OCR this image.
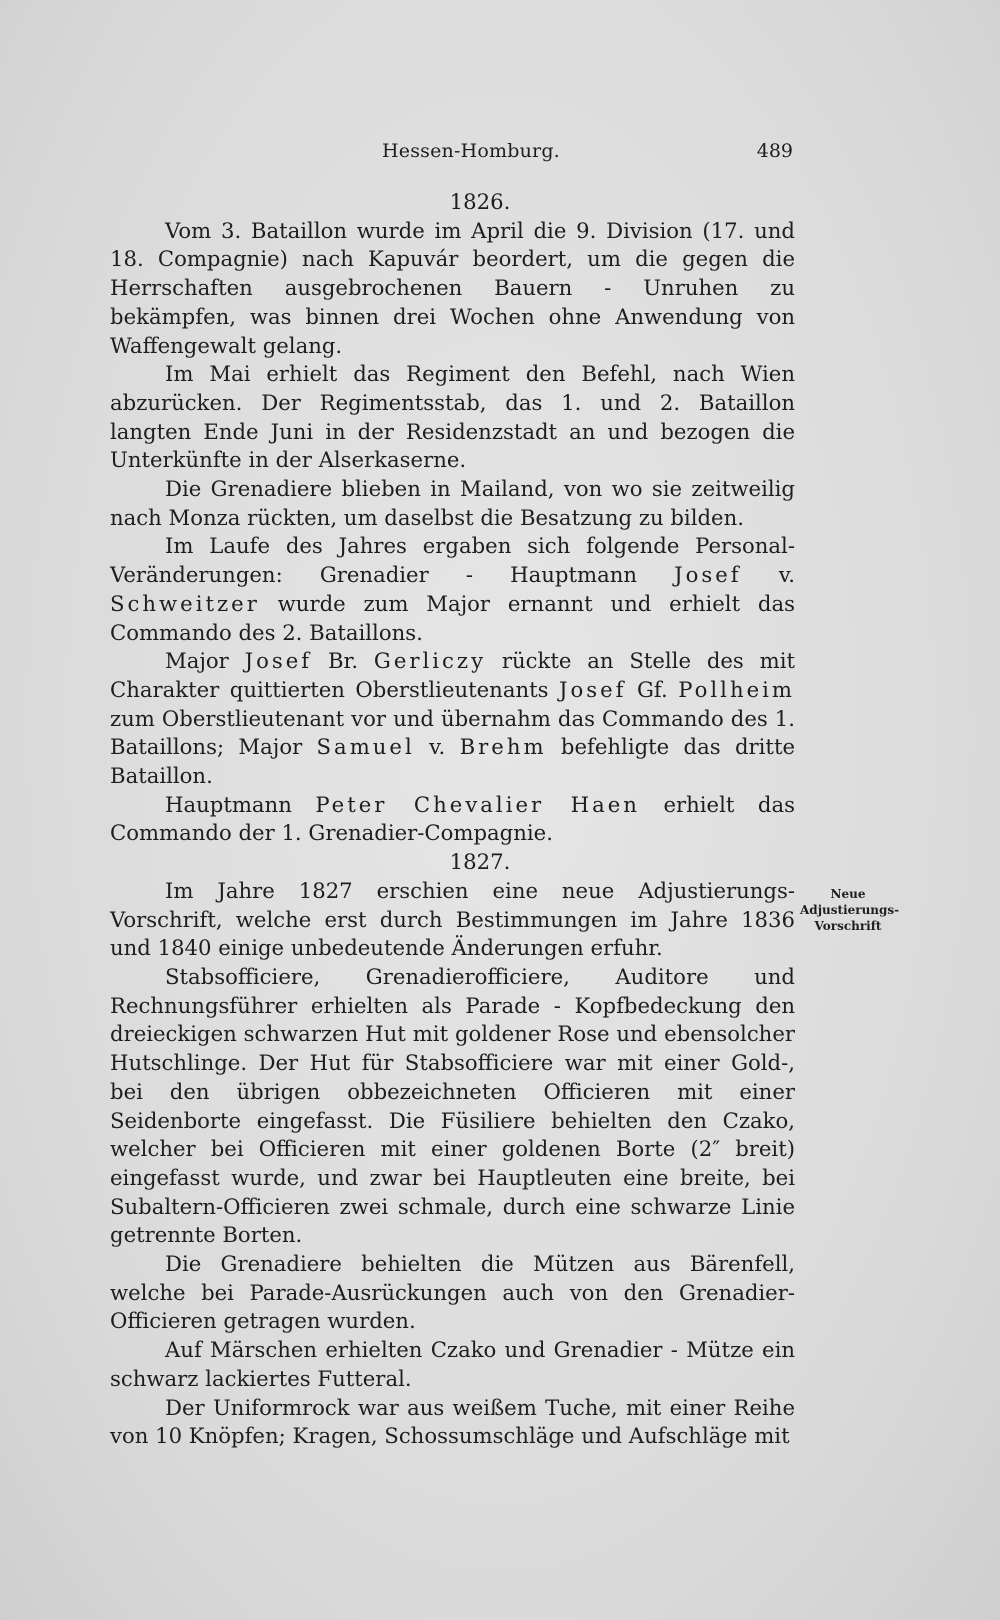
Hessen-Homburg.	489

1826.

Vom 3. Bataillon wurde im April die 9. Division (17. und 18. Compagnie) nach Kapuvár beordert, um die gegen die Herrschaften ausgebrochenen Bauern - Unruhen zu bekämpfen, was binnen drei Wochen ohne Anwendung von Waffengewalt gelang.

Im Mai erhielt das Regiment den Befehl, nach Wien abzurücken. Der Regimentsstab, das 1. und 2. Bataillon langten Ende Juni in der Residenzstadt an und bezogen die Unterkünfte in der Alserkaserne.

Die Grenadiere blieben in Mailand, von wo sie zeitweilig nach Monza rückten, um daselbst die Besatzung zu bilden.

Im Laufe des Jahres ergaben sich folgende Personal-Veränderungen: Grenadier - Hauptmann Josef v. Schweitzer wurde zum Major ernannt und erhielt das Commando des 2. Bataillons.

Major Josef Br. Gerliczy rückte an Stelle des mit Charakter quittierten Oberstlieutenants Josef Gf. Pollheim zum Oberstlieutenant vor und übernahm das Commando des 1. Bataillons; Major Samuel v. Brehm befehligte das dritte Bataillon.

Hauptmann Peter Chevalier Haen erhielt das Commando der 1. Grenadier-Compagnie.

1827.

Im Jahre 1827 erschien eine neue Adjustierungs-Vorschrift, welche erst durch Bestimmungen im Jahre 1836 und 1840 einige unbedeutende Änderungen erfuhr.

Stabsofficiere, Grenadierofficiere, Auditore und Rechnungsführer erhielten als Parade - Kopfbedeckung den dreieckigen schwarzen Hut mit goldener Rose und ebensolcher Hutschlinge. Der Hut für Stabsofficiere war mit einer Gold-, bei den übrigen obbezeichneten Officieren mit einer Seidenborte eingefasst. Die Füsiliere behielten den Czako, welcher bei Officieren mit einer goldenen Borte (2″ breit) eingefasst wurde, und zwar bei Hauptleuten eine breite, bei Subaltern-Officieren zwei schmale, durch eine schwarze Linie getrennte Borten.

Die Grenadiere behielten die Mützen aus Bärenfell, welche bei Parade-Ausrückungen auch von den Grenadier-Officieren getragen wurden.

Auf Märschen erhielten Czako und Grenadier - Mütze ein schwarz lackiertes Futteral.

Der Uniformrock war aus weißem Tuche, mit einer Reihe von 10 Knöpfen; Kragen, Schossumschläge und Aufschläge mit

Neue
Adjustierungs-
Vorschrift
